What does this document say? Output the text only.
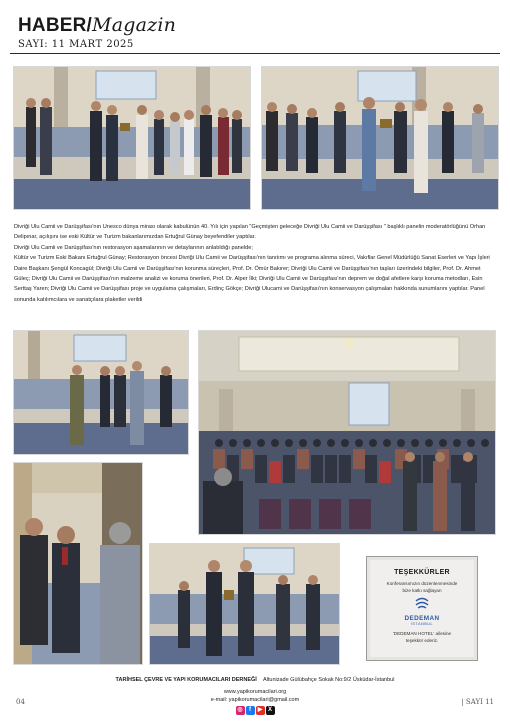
HABER/Magazin
SAYI: 11 MART 2025

Divriği Ulu Camii ve Darüşşifası'nın Unesco dünya mirası olarak kabulünün 40. Yılı için yapılan "Geçmişten geleceğe Divriği Ulu Camii ve Darüşşifası " başlıklı panelin moderatörlüğünü Orhan Delipınar, açılışını ise eski Kültür ve Turizm bakanlarımızdan Ertuğrul Günay beyefendiler yaptılar.

Divriği Ulu Camii ve Darüşşifası'nın restorasyon aşamalarının ve detaylarının anlatıldığı panelde;

Kültür ve Turizm Eski Bakanı Ertuğrul Günay; Restorasyon öncesi Divriği Ulu Camii ve Darüşşifası'nın tanıtımı ve programa alınma süreci, Vakıflar Genel Müdürlüğü Sanat Eserleri ve Yapı İşleri Daire Başkanı Şengül Koncagül; Divriği Ulu Camii ve Darüşşifası'nın korunma süreçleri, Prof. Dr. Ömür Bakırer; Divriği Ulu Camii ve Darüşşifası'nın taşları üzerindeki bilgiler, Prof. Dr. Ahmet Güleç; Divriği Ulu Camii ve Darüşşifası'nın malzeme analizi ve koruma önerileri, Prof. Dr. Alper İlki; Divriği Ulu Camii ve Darüşşifası'nın deprem ve doğal afetlere karşı koruma metodları, Esin Serttaş Yaren; Divriği Ulu Camii ve Darüşşifası proje ve uygulama çalışmaları, Erdinç Gökçe; Divriği Ulucami ve Darüşşifası'nın konservasyon çalışmaları hakkında sunumlarını yaptılar. Panel sonunda katılımcılara ve sanatçılara plaketler verildi

TEŞEKKÜRLER
Konferansımızın düzenlenmesinde
bize katkı sağlayan
DEDEMAN
İSTANBUL
'DEDEMAN HOTEL' ailesine
teşekkür ederiz.
TARİHSEL ÇEVRE VE YAPI KORUMACILARI DERNEĞİ Altunizade Gülübahçe Sokak No:9/2 Üsküdar-İstanbul
www.yapikorumacilari.org
e-mail: yapikorumacilari@gmail.com
◎ f ▶ X
04	| SAYI 11
